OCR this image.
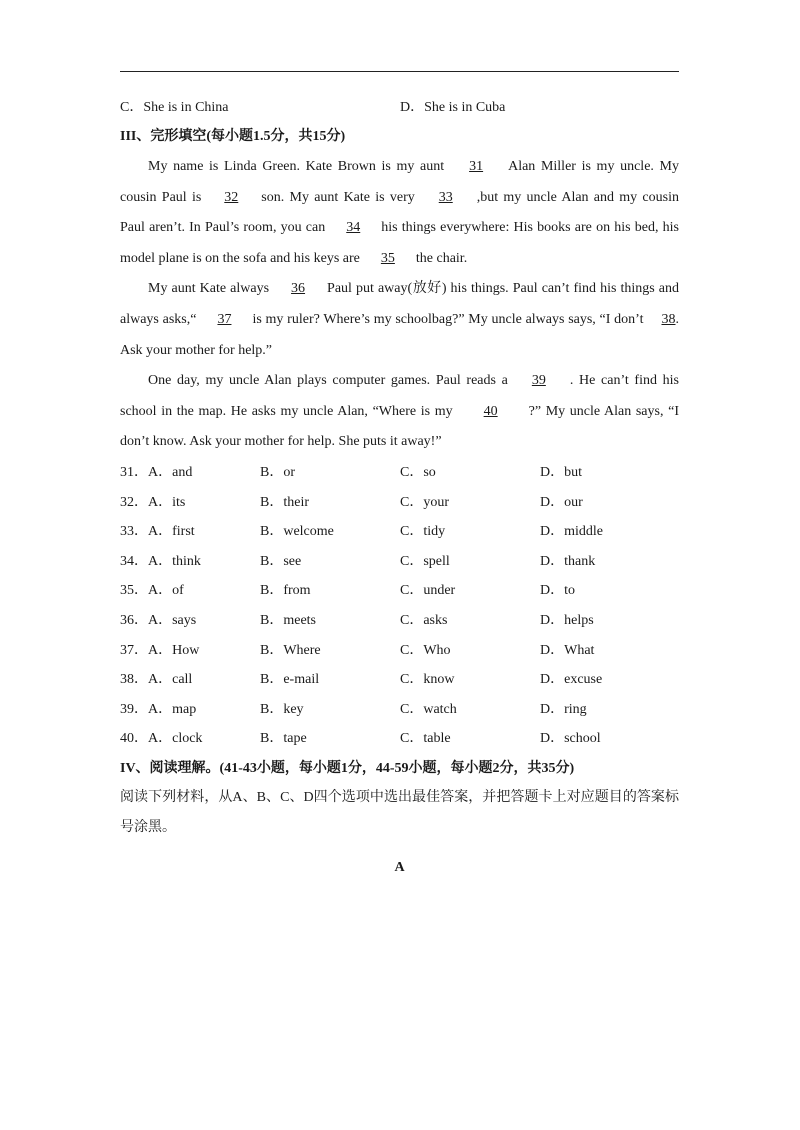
C．She is in China	D．She is in Cuba
III、完形填空(每小题1.5分，共15分)

My name is Linda Green. Kate Brown is my aunt 31 Alan Miller is my uncle. My cousin Paul is 32 son. My aunt Kate is very 33 ,but my uncle Alan and my cousin Paul aren’t. In Paul’s room, you can 34 his things everywhere: His books are on his bed, his model plane is on the sofa and his keys are 35 the chair.

My aunt Kate always 36 Paul put away(放好) his things. Paul can’t find his things and always asks,“ 37 is my ruler? Where’s my schoolbag?” My uncle always says, “I don’t 38. Ask your mother for help.”

One day, my uncle Alan plays computer games. Paul reads a 39 . He can’t find his school in the map. He asks my uncle Alan, “Where is my 40 ?” My uncle Alan says, “I don’t know. Ask your mother for help. She puts it away!”

31．A．and	B．or	C．so	D．but
32．A．its	B．their	C．your	D．our
33．A．first	B．welcome	C．tidy	D．middle
34．A．think	B．see	C．spell	D．thank
35．A．of	B．from	C．under	D．to
36．A．says	B．meets	C．asks	D．helps
37．A．How	B．Where	C．Who	D．What
38．A．call	B．e-mail	C．know	D．excuse
39．A．map	B．key	C．watch	D．ring
40．A．clock	B．tape	C．table	D．school
IV、阅读理解。(41-43小题，每小题1分，44-59小题，每小题2分，共35分)
阅读下列材料，从A、B、C、D四个选项中选出最佳答案，并把答题卡上对应题目的答案标号涂黑。
A
